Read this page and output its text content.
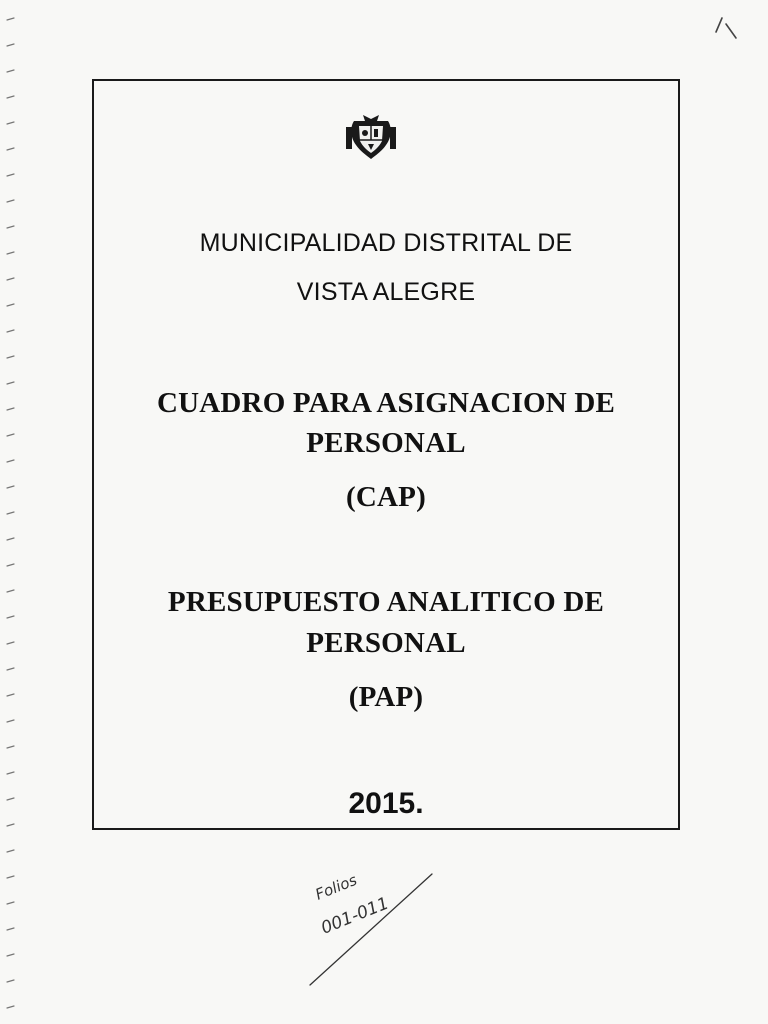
MUNICIPALIDAD DISTRITAL DE
VISTA ALEGRE
CUADRO PARA ASIGNACION DE
PERSONAL
(CAP)
PRESUPUESTO ANALITICO DE
PERSONAL
(PAP)
2015.
Folios
001-011
